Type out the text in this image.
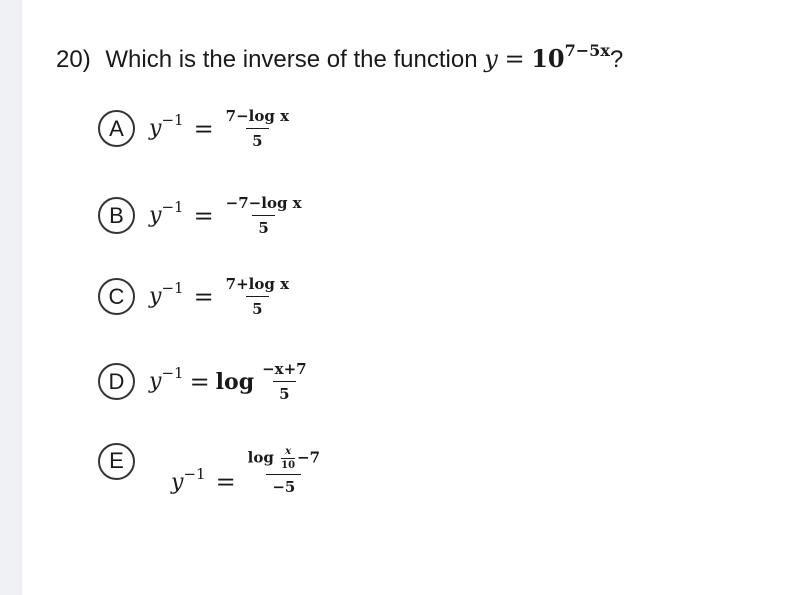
20) Which is the inverse of the function $y = 10^{7-5x}$?
A	$y^{-1} = \frac{\text{7−log x}}{5}$
B	$y^{-1} = \frac{\text{−7−log x}}{5}$
C	$y^{-1} = \frac{\text{7+log x}}{5}$
D	$y^{-1} = \log \frac{-x+7}{5}$
E
$y^{-1} = \frac{\log \frac{x}{10} -7}{-5}$
